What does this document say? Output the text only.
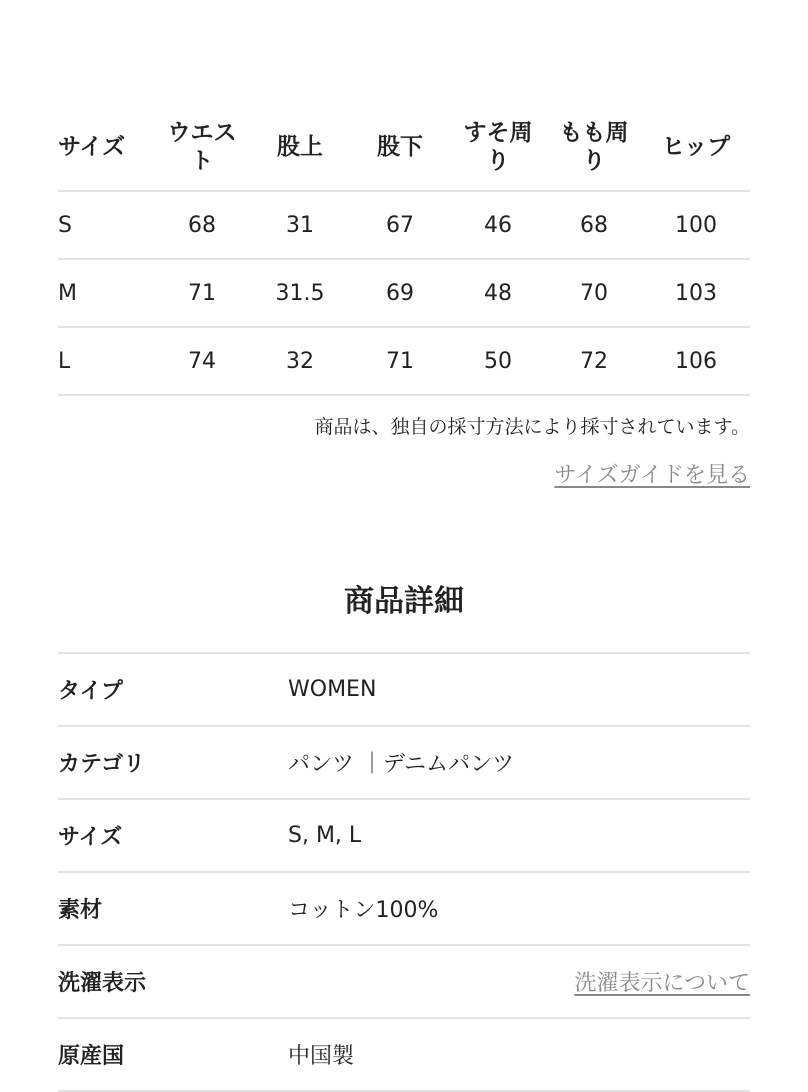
サイズ	ウエスト	股上	股下	すそ周り	もも周り	ヒップ
S	68	31	67	46	68	100
M	71	31.5	69	48	70	103
L	74	32	71	50	72	106
商品は、独自の採寸方法により採寸されています。
サイズガイドを見る
商品詳細
タイプ	WOMEN
カテゴリ	パンツ ｜デニムパンツ
サイズ	S, M, L
素材	コットン100%
洗濯表示	洗濯表示について
原産国	中国製
